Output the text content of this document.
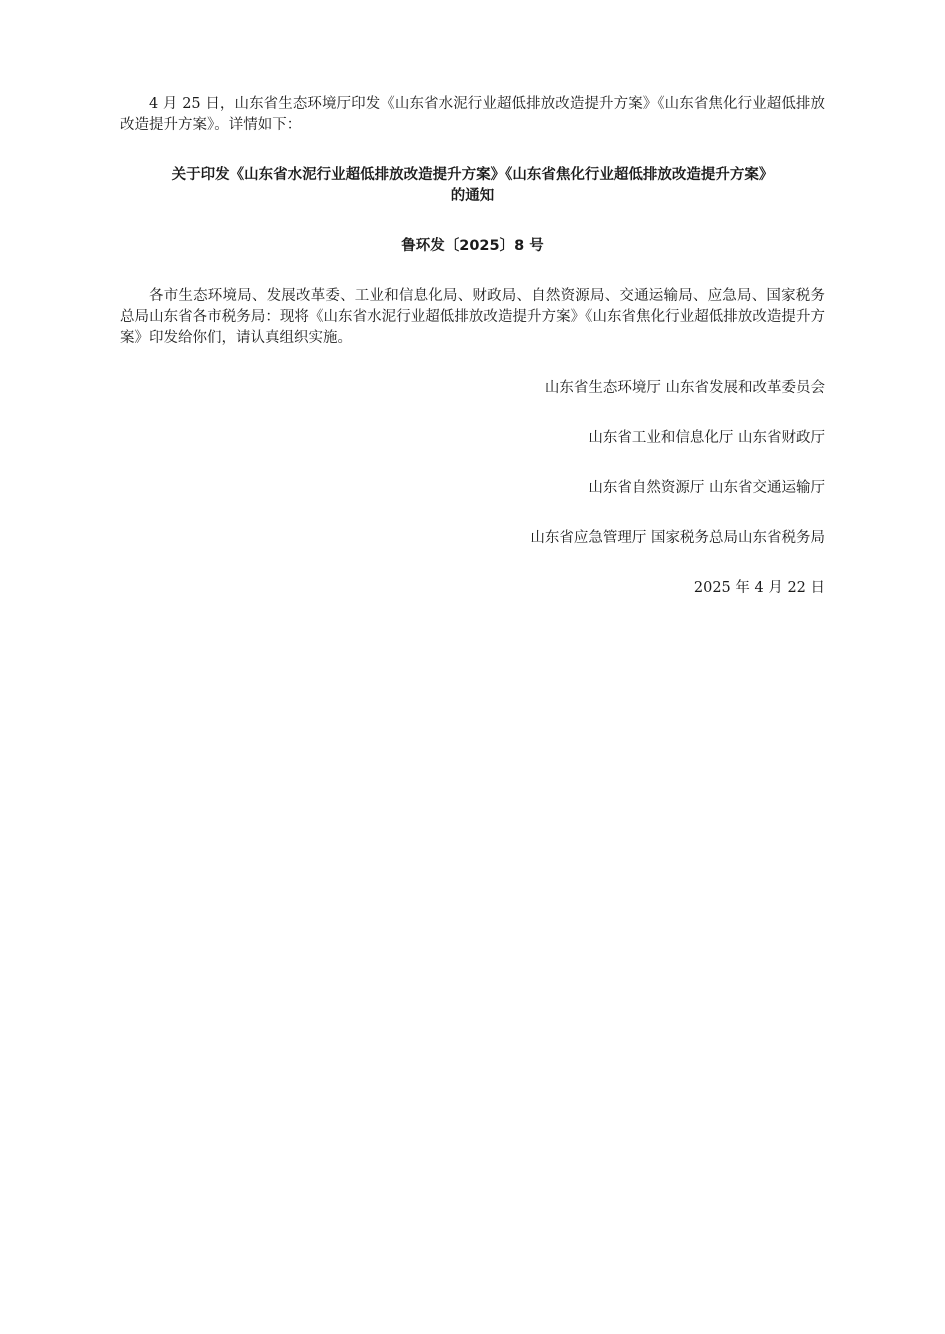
4 月 25 日，山东省生态环境厅印发《山东省水泥行业超低排放改造提升方案》《山东省焦化行业超低排放改造提升方案》。详情如下：

关于印发《山东省水泥行业超低排放改造提升方案》《山东省焦化行业超低排放改造提升方案》

的通知

鲁环发〔2025〕8 号

各市生态环境局、发展改革委、工业和信息化局、财政局、自然资源局、交通运输局、应急局、国家税务总局山东省各市税务局：现将《山东省水泥行业超低排放改造提升方案》《山东省焦化行业超低排放改造提升方案》印发给你们，请认真组织实施。

山东省生态环境厅 山东省发展和改革委员会

山东省工业和信息化厅 山东省财政厅

山东省自然资源厅 山东省交通运输厅

山东省应急管理厅 国家税务总局山东省税务局

2025 年 4 月 22 日
